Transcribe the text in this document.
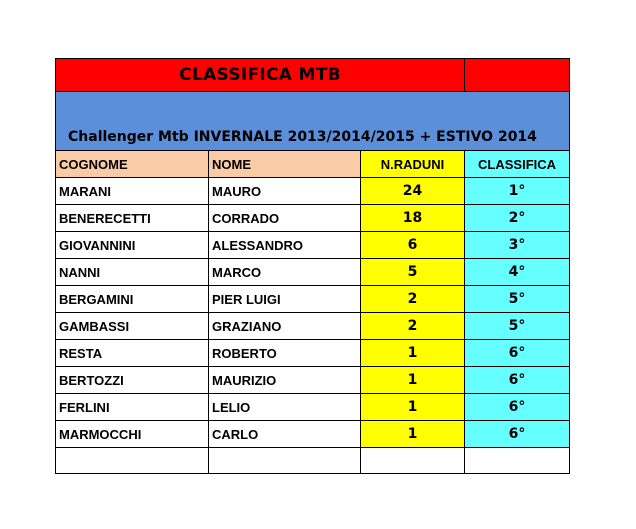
CLASSIFICA MTB			
Challenger Mtb INVERNALE 2013/2014/2015 + ESTIVO 2014			
COGNOME	NOME	N.RADUNI	CLASSIFICA
MARANI	MAURO	24	1°
BENERECETTI	CORRADO	18	2°
GIOVANNINI	ALESSANDRO	6	3°
NANNI	MARCO	5	4°
BERGAMINI	PIER LUIGI	2	5°
GAMBASSI	GRAZIANO	2	5°
RESTA	ROBERTO	1	6°
BERTOZZI	MAURIZIO	1	6°
FERLINI	LELIO	1	6°
MARMOCCHI	CARLO	1	6°
